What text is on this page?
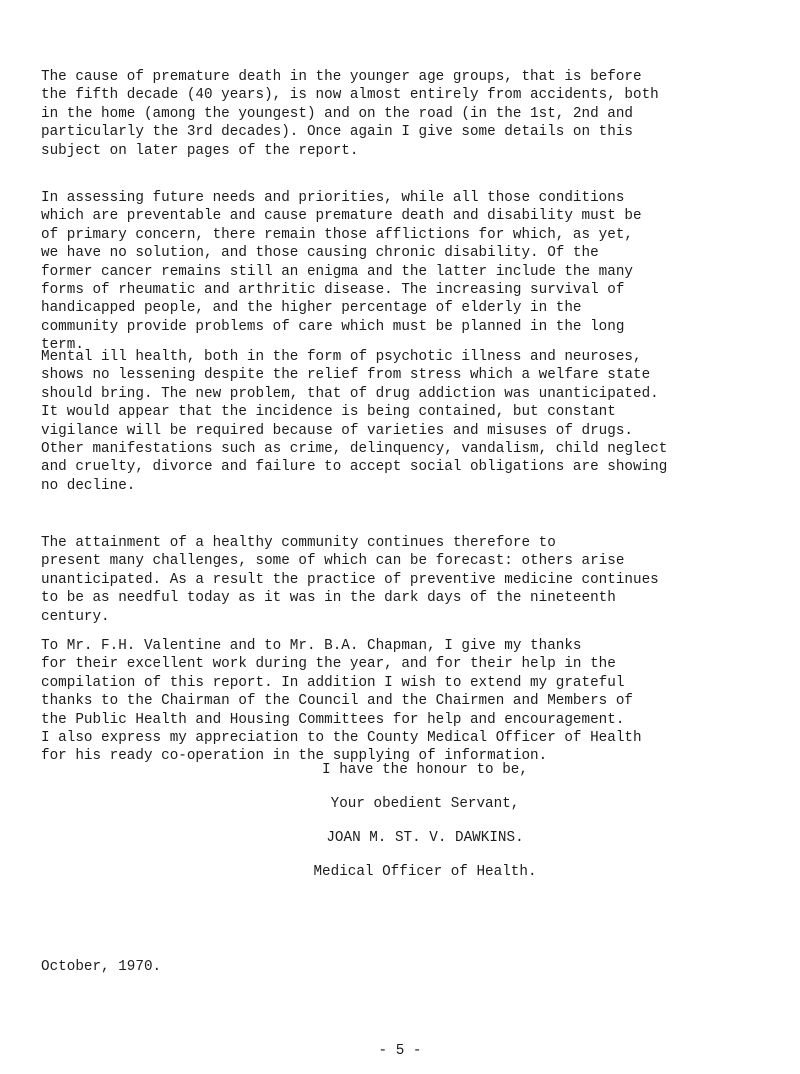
The cause of premature death in the younger age groups, that is before
the fifth decade (40 years), is now almost entirely from accidents, both
in the home (among the youngest) and on the road (in the 1st, 2nd and
particularly the 3rd decades). Once again I give some details on this
subject on later pages of the report.

In assessing future needs and priorities, while all those conditions
which are preventable and cause premature death and disability must be
of primary concern, there remain those afflictions for which, as yet,
we have no solution, and those causing chronic disability. Of the
former cancer remains still an enigma and the latter include the many
forms of rheumatic and arthritic disease. The increasing survival of
handicapped people, and the higher percentage of elderly in the
community provide problems of care which must be planned in the long
term.

Mental ill health, both in the form of psychotic illness and neuroses,
shows no lessening despite the relief from stress which a welfare state
should bring. The new problem, that of drug addiction was unanticipated.
It would appear that the incidence is being contained, but constant
vigilance will be required because of varieties and misuses of drugs.
Other manifestations such as crime, delinquency, vandalism, child neglect
and cruelty, divorce and failure to accept social obligations are showing
no decline.

The attainment of a healthy community continues therefore to
present many challenges, some of which can be forecast: others arise
unanticipated. As a result the practice of preventive medicine continues
to be as needful today as it was in the dark days of the nineteenth
century.

To Mr. F.H. Valentine and to Mr. B.A. Chapman, I give my thanks
for their excellent work during the year, and for their help in the
compilation of this report. In addition I wish to extend my grateful
thanks to the Chairman of the Council and the Chairmen and Members of
the Public Health and Housing Committees for help and encouragement.
I also express my appreciation to the County Medical Officer of Health
for his ready co-operation in the supplying of information.

I have the honour to be,
Your obedient Servant,
JOAN M. ST. V. DAWKINS.
Medical Officer of Health.
October, 1970.
- 5 -
